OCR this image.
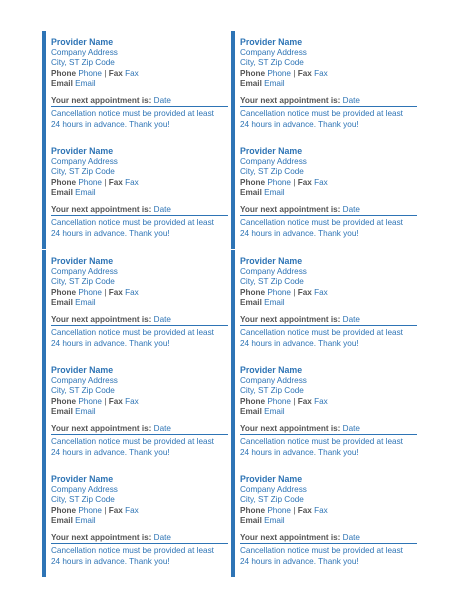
Provider Name
Company Address
City, ST Zip Code
Phone Phone | Fax Fax
Email Email
Your next appointment is: Date
Cancellation notice must be provided at least 24 hours in advance. Thank you!
Provider Name
Company Address
City, ST Zip Code
Phone Phone | Fax Fax
Email Email
Your next appointment is: Date
Cancellation notice must be provided at least 24 hours in advance. Thank you!
Provider Name
Company Address
City, ST Zip Code
Phone Phone | Fax Fax
Email Email
Your next appointment is: Date
Cancellation notice must be provided at least 24 hours in advance. Thank you!
Provider Name
Company Address
City, ST Zip Code
Phone Phone | Fax Fax
Email Email
Your next appointment is: Date
Cancellation notice must be provided at least 24 hours in advance. Thank you!
Provider Name
Company Address
City, ST Zip Code
Phone Phone | Fax Fax
Email Email
Your next appointment is: Date
Cancellation notice must be provided at least 24 hours in advance. Thank you!
Provider Name
Company Address
City, ST Zip Code
Phone Phone | Fax Fax
Email Email
Your next appointment is: Date
Cancellation notice must be provided at least 24 hours in advance. Thank you!
Provider Name
Company Address
City, ST Zip Code
Phone Phone | Fax Fax
Email Email
Your next appointment is: Date
Cancellation notice must be provided at least 24 hours in advance. Thank you!
Provider Name
Company Address
City, ST Zip Code
Phone Phone | Fax Fax
Email Email
Your next appointment is: Date
Cancellation notice must be provided at least 24 hours in advance. Thank you!
Provider Name
Company Address
City, ST Zip Code
Phone Phone | Fax Fax
Email Email
Your next appointment is: Date
Cancellation notice must be provided at least 24 hours in advance. Thank you!
Provider Name
Company Address
City, ST Zip Code
Phone Phone | Fax Fax
Email Email
Your next appointment is: Date
Cancellation notice must be provided at least 24 hours in advance. Thank you!
